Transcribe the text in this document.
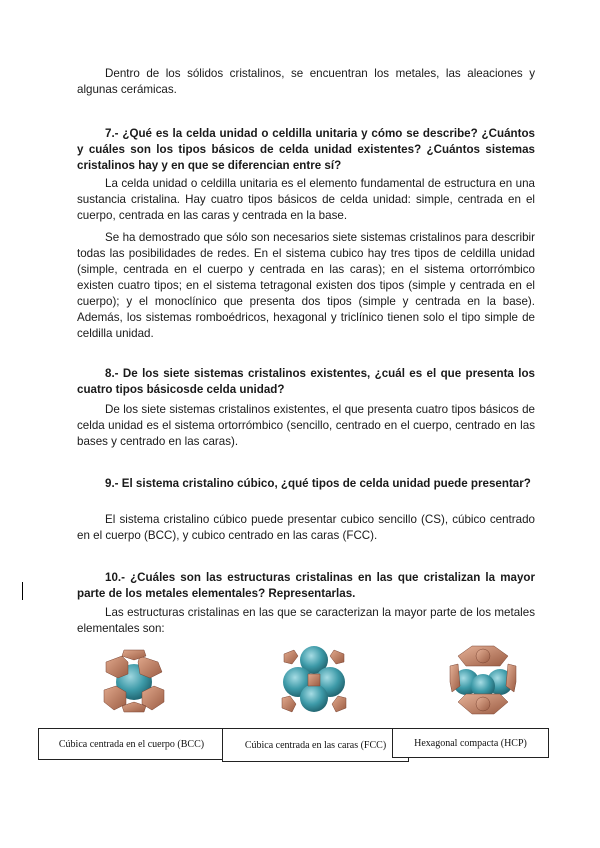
Dentro de los sólidos cristalinos, se encuentran los metales, las aleaciones y algunas cerámicas.

7.- ¿Qué es la celda unidad o celdilla unitaria y cómo se describe? ¿Cuántos y cuáles son los tipos básicos de celda unidad existentes? ¿Cuántos sistemas cristalinos hay y en que se diferencian entre sí?

La celda unidad o celdilla unitaria es el elemento fundamental de estructura en una sustancia cristalina. Hay cuatro tipos básicos de celda unidad: simple, centrada en el cuerpo, centrada en las caras y centrada en la base.

Se ha demostrado que sólo son necesarios siete sistemas cristalinos para describir todas las posibilidades de redes. En el sistema cubico hay tres tipos de celdilla unidad (simple, centrada en el cuerpo y centrada en las caras); en el sistema ortorrómbico existen cuatro tipos; en el sistema tetragonal existen dos tipos (simple y centrada en el cuerpo); y el monoclínico que presenta dos tipos (simple y centrada en la base). Además, los sistemas romboédricos, hexagonal y triclínico tienen solo el tipo simple de celdilla unidad.

8.- De los siete sistemas cristalinos existentes, ¿cuál es el que presenta los cuatro tipos básicosde celda unidad?

De los siete sistemas cristalinos existentes, el que presenta cuatro tipos básicos de celda unidad es el sistema ortorrómbico (sencillo, centrado en el cuerpo, centrado en las bases y centrado en las caras).

9.- El sistema cristalino cúbico, ¿qué tipos de celda unidad puede presentar?

El sistema cristalino cúbico puede presentar cubico sencillo (CS), cúbico centrado en el cuerpo (BCC), y cubico centrado en las caras (FCC).

10.- ¿Cuáles son las estructuras cristalinas en las que cristalizan la mayor parte de los metales elementales? Representarlas.

Las estructuras cristalinas en las que se caracterizan la mayor parte de los metales elementales son:

Cúbica centrada en el cuerpo (BCC)	Cúbica centrada en las caras (FCC)	Hexagonal compacta (HCP)
